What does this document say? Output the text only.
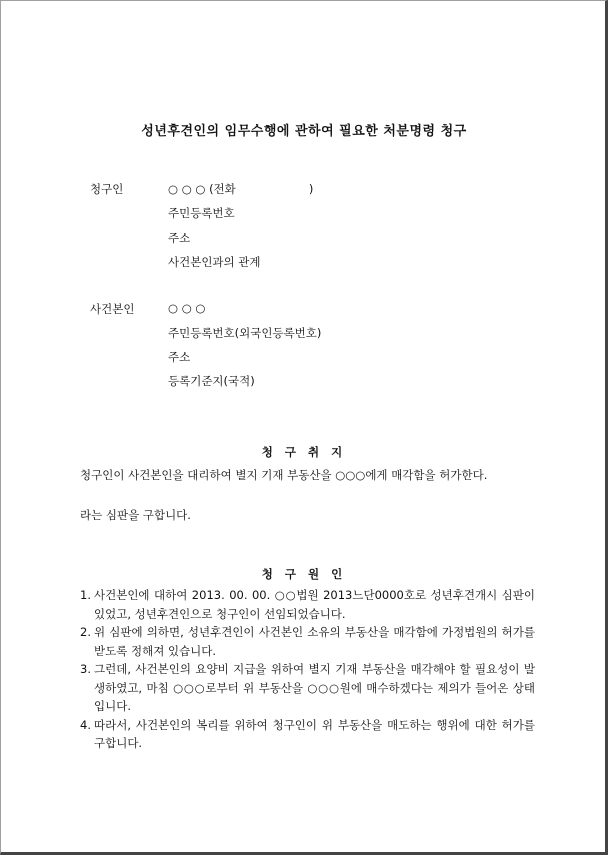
성년후견인의 임무수행에 관하여 필요한 처분명령 청구
청구인	○ ○ ○ (전화                    )
주민등록번호
주소
사건본인과의 관계
사건본인	○ ○ ○
주민등록번호(외국인등록번호)
주소
등록기준지(국적)
청 구 취 지
청구인이 사건본인을 대리하여 별지 기재 부동산을 ○○○에게 매각함을 허가한다.
라는 심판을 구합니다.
청 구 원 인
1. 사건본인에 대하여 2013. 00. 00. ○○법원 2013느단0000호로 성년후견개시 심판이 있었고, 성년후견인으로 청구인이 선임되었습니다.
2. 위 심판에 의하면, 성년후견인이 사건본인 소유의 부동산을 매각함에 가정법원의 허가를 받도록 정해져 있습니다.
3. 그런데, 사건본인의 요양비 지급을 위하여 별지 기재 부동산을 매각해야 할 필요성이 발생하였고, 마침 ○○○로부터 위 부동산을 ○○○원에 매수하겠다는 제의가 들어온 상태입니다.
4. 따라서, 사건본인의 복리를 위하여 청구인이 위 부동산을 매도하는 행위에 대한 허가를 구합니다.
